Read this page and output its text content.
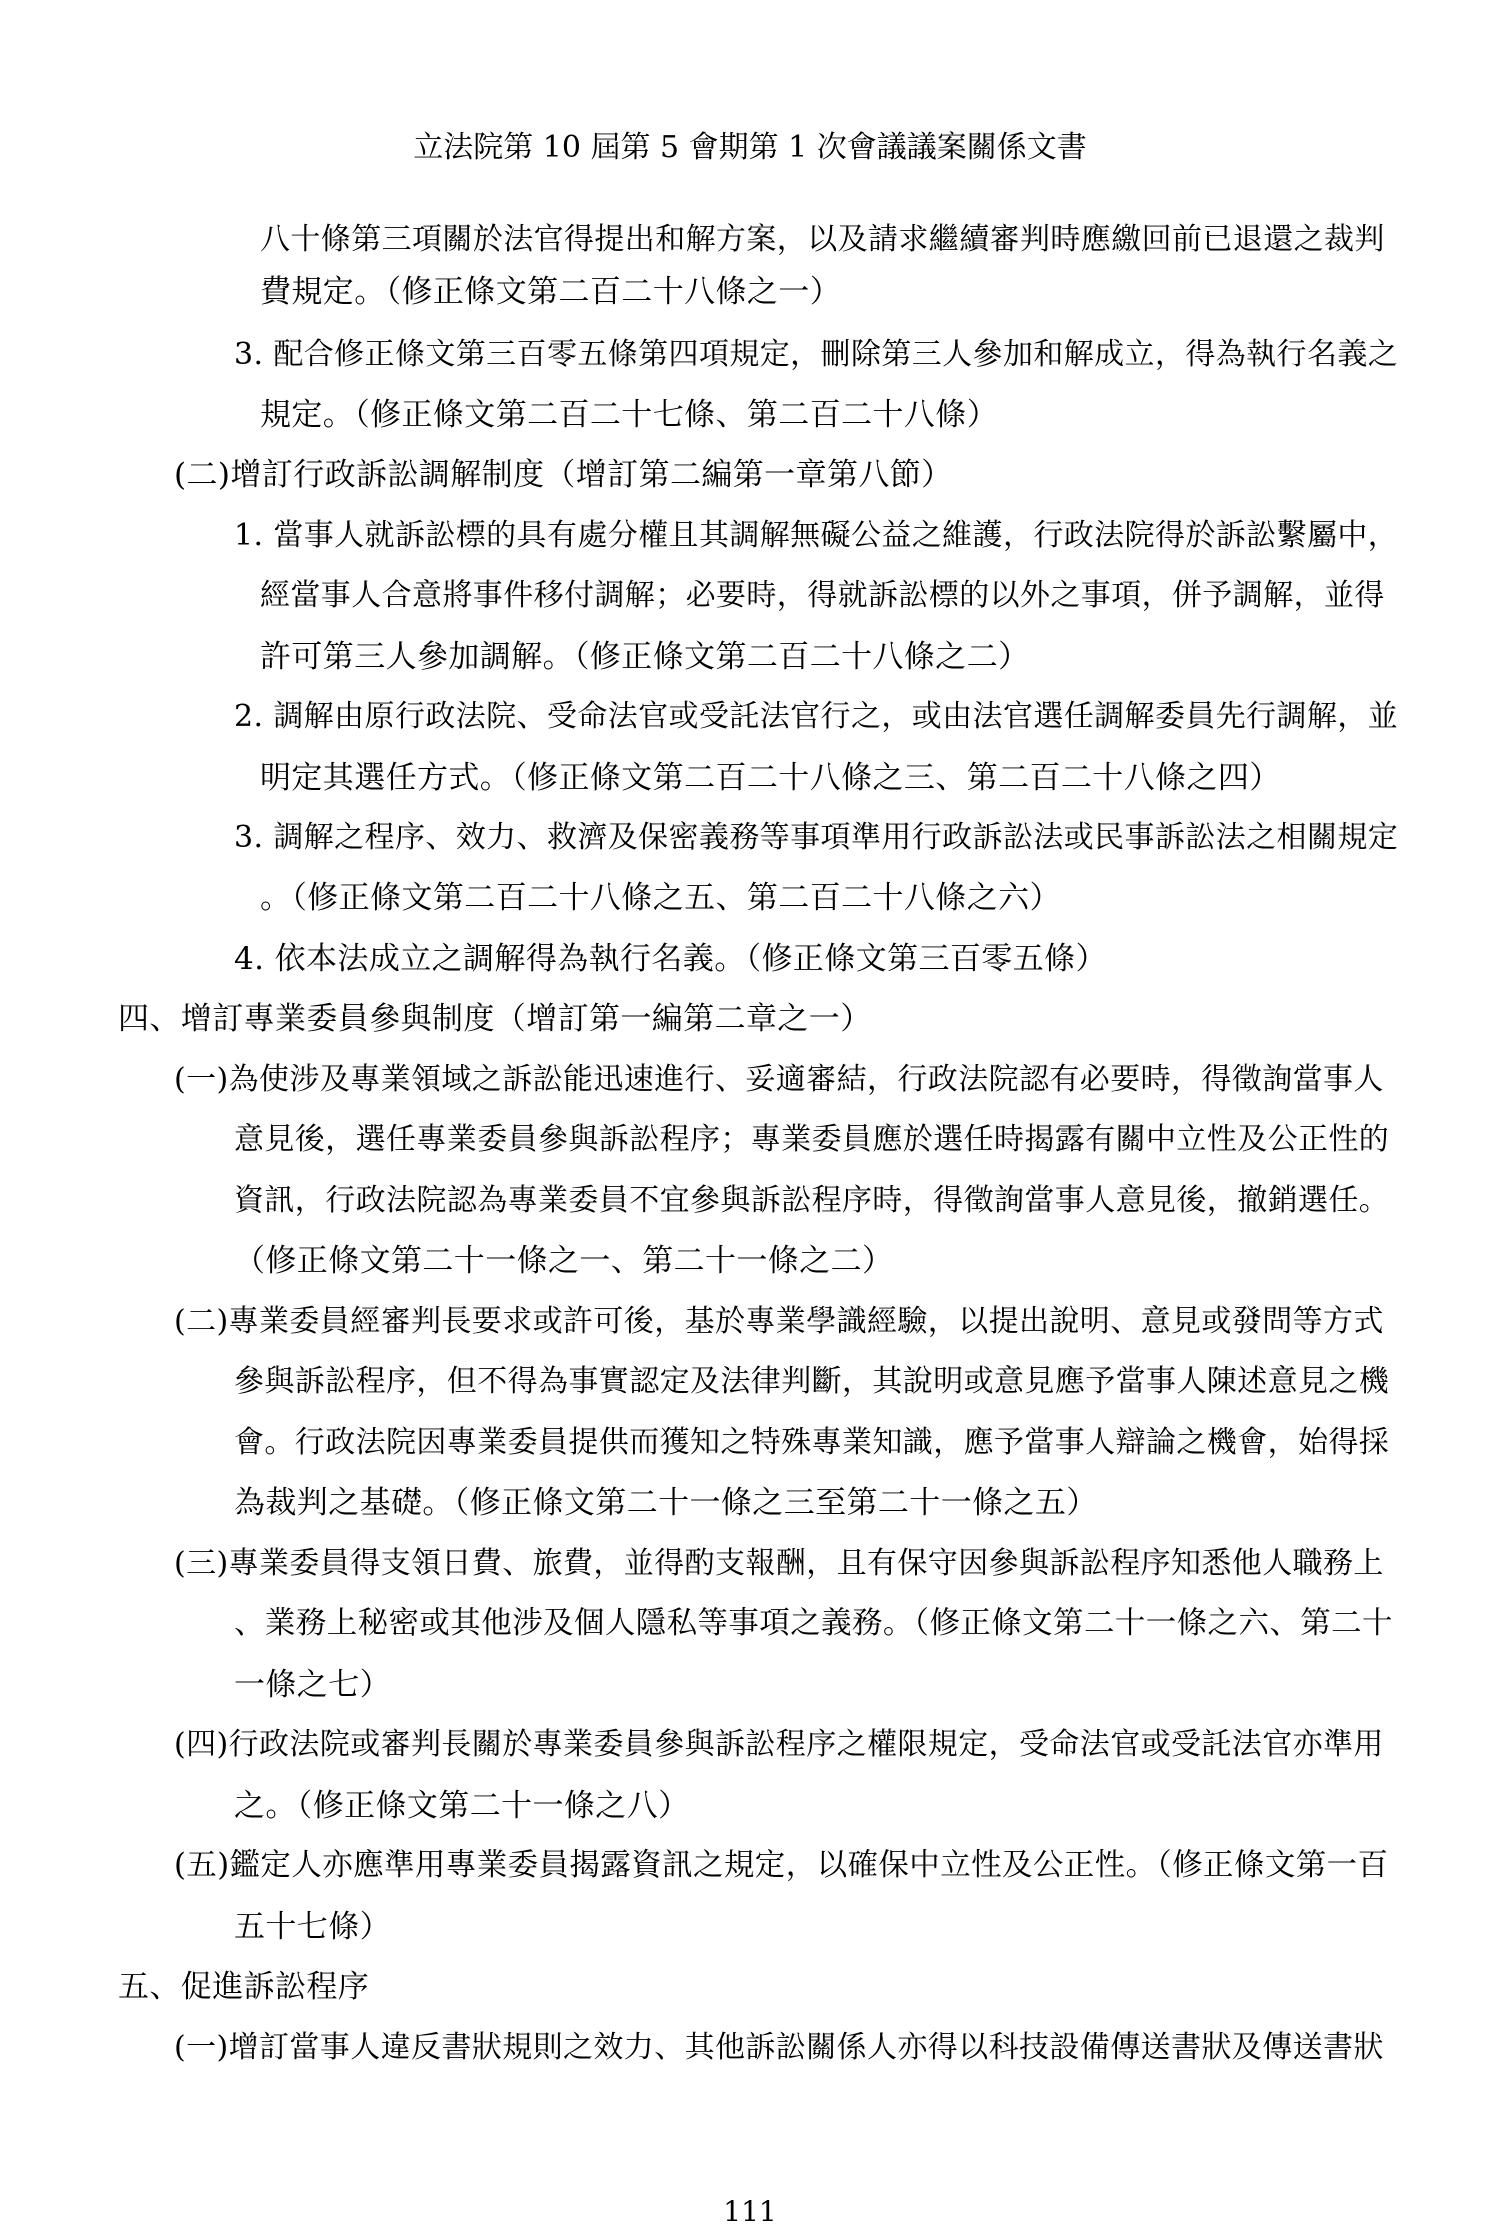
立法院第 10 屆第 5 會期第 1 次會議議案關係文書
八十條第三項關於法官得提出和解方案，以及請求繼續審判時應繳回前已退還之裁判
費規定。（修正條文第二百二十八條之一）
3. 配合修正條文第三百零五條第四項規定，刪除第三人參加和解成立，得為執行名義之
規定。（修正條文第二百二十七條、第二百二十八條）
(二)增訂行政訴訟調解制度（增訂第二編第一章第八節）
1. 當事人就訴訟標的具有處分權且其調解無礙公益之維護，行政法院得於訴訟繫屬中，
經當事人合意將事件移付調解；必要時，得就訴訟標的以外之事項，併予調解，並得
許可第三人參加調解。（修正條文第二百二十八條之二）
2. 調解由原行政法院、受命法官或受託法官行之，或由法官選任調解委員先行調解，並
明定其選任方式。（修正條文第二百二十八條之三、第二百二十八條之四）
3. 調解之程序、效力、救濟及保密義務等事項準用行政訴訟法或民事訴訟法之相關規定
。（修正條文第二百二十八條之五、第二百二十八條之六）
4. 依本法成立之調解得為執行名義。（修正條文第三百零五條）
四、增訂專業委員參與制度（增訂第一編第二章之一）
(一)為使涉及專業領域之訴訟能迅速進行、妥適審結，行政法院認有必要時，得徵詢當事人
意見後，選任專業委員參與訴訟程序；專業委員應於選任時揭露有關中立性及公正性的
資訊，行政法院認為專業委員不宜參與訴訟程序時，得徵詢當事人意見後，撤銷選任。
（修正條文第二十一條之一、第二十一條之二）
(二)專業委員經審判長要求或許可後，基於專業學識經驗，以提出說明、意見或發問等方式
參與訴訟程序，但不得為事實認定及法律判斷，其說明或意見應予當事人陳述意見之機
會。行政法院因專業委員提供而獲知之特殊專業知識，應予當事人辯論之機會，始得採
為裁判之基礎。（修正條文第二十一條之三至第二十一條之五）
(三)專業委員得支領日費、旅費，並得酌支報酬，且有保守因參與訴訟程序知悉他人職務上
、業務上秘密或其他涉及個人隱私等事項之義務。（修正條文第二十一條之六、第二十
一條之七）
(四)行政法院或審判長關於專業委員參與訴訟程序之權限規定，受命法官或受託法官亦準用
之。（修正條文第二十一條之八）
(五)鑑定人亦應準用專業委員揭露資訊之規定，以確保中立性及公正性。（修正條文第一百
五十七條）
五、促進訴訟程序
(一)增訂當事人違反書狀規則之效力、其他訴訟關係人亦得以科技設備傳送書狀及傳送書狀
111
